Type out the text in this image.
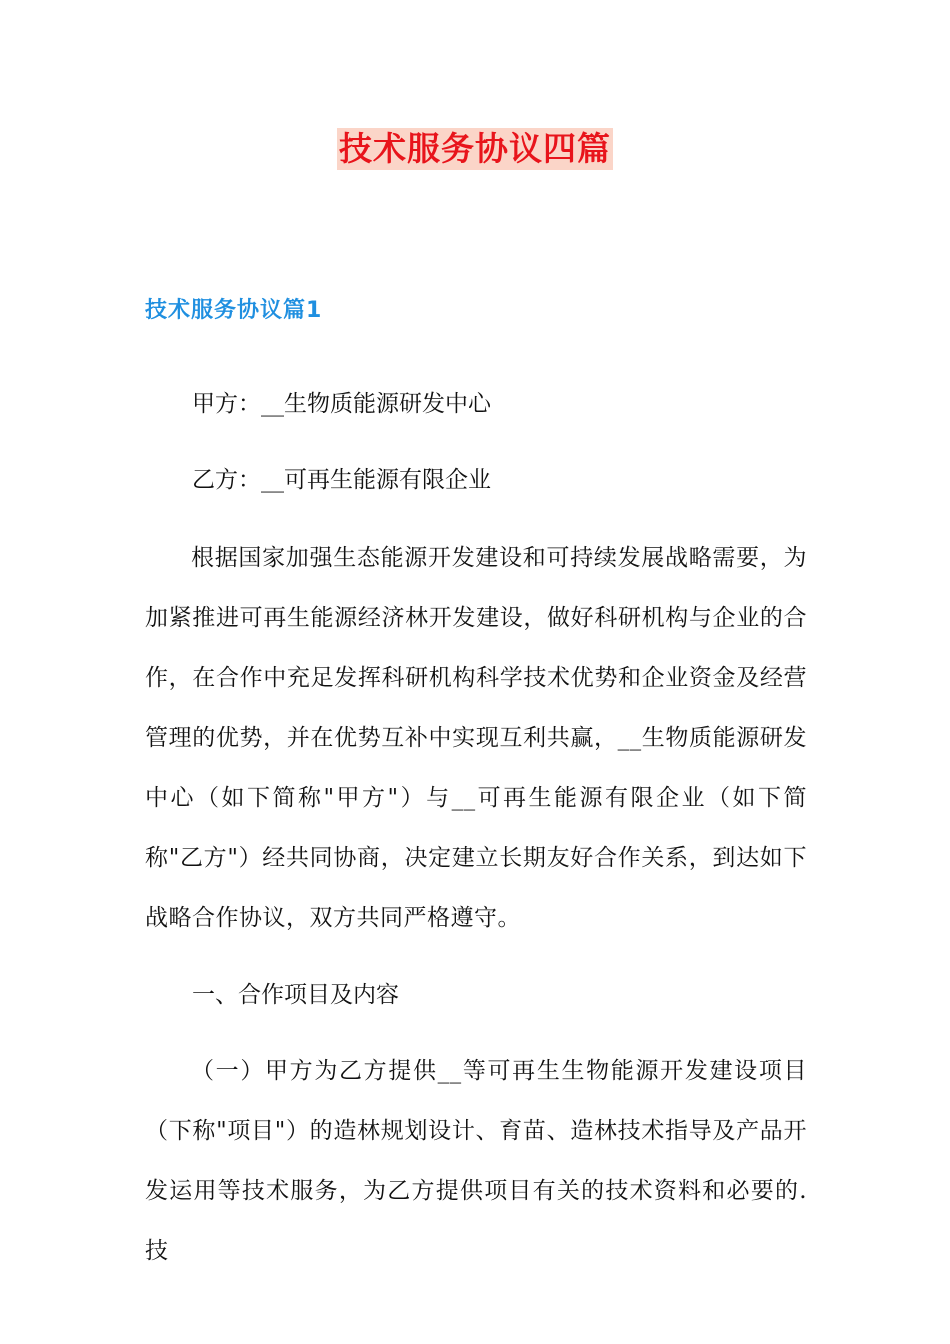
技术服务协议四篇
技术服务协议篇1
甲方：__生物质能源研发中心
乙方：__可再生能源有限企业
根据国家加强生态能源开发建设和可持续发展战略需要，为加紧推进可再生能源经济林开发建设，做好科研机构与企业的合作，在合作中充足发挥科研机构科学技术优势和企业资金及经营管理的优势，并在优势互补中实现互利共赢，__生物质能源研发中心（如下简称"甲方"）与__可再生能源有限企业（如下简称"乙方"）经共同协商，决定建立长期友好合作关系，到达如下战略合作协议，双方共同严格遵守。
一、合作项目及内容
（一）甲方为乙方提供__等可再生生物能源开发建设项目（下称"项目"）的造林规划设计、育苗、造林技术指导及产品开发运用等技术服务，为乙方提供项目有关的技术资料和必要的.技
